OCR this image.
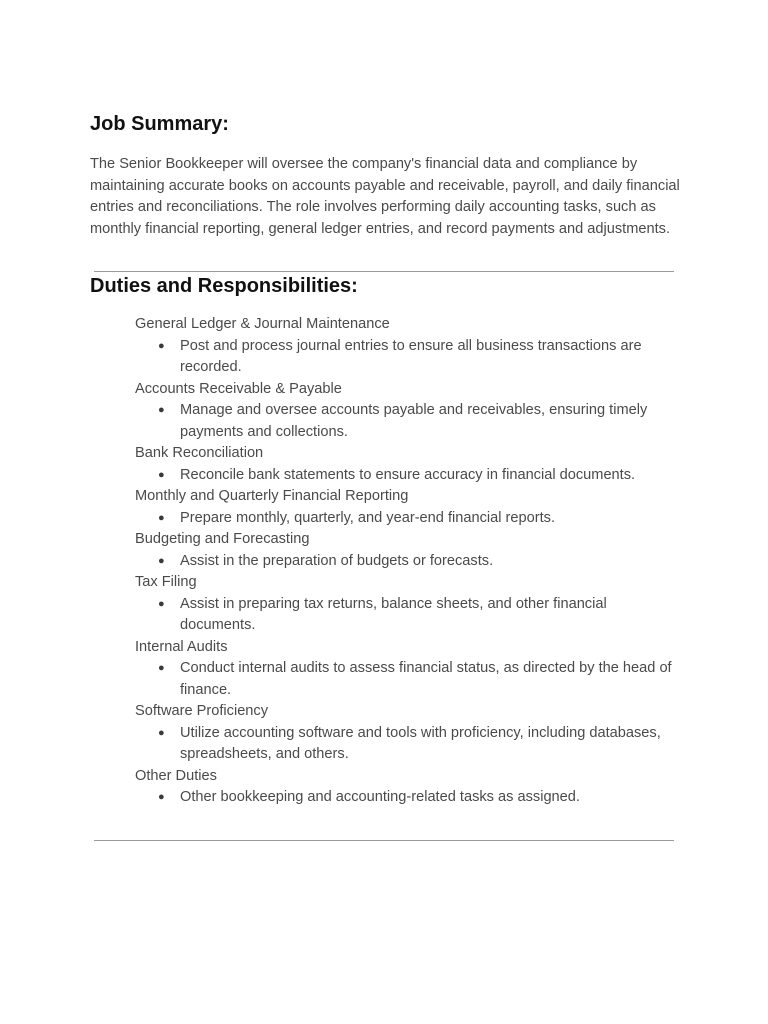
Job Summary:

The Senior Bookkeeper will oversee the company's financial data and compliance by maintaining accurate books on accounts payable and receivable, payroll, and daily financial entries and reconciliations. The role involves performing daily accounting tasks, such as monthly financial reporting, general ledger entries, and record payments and adjustments.

Duties and Responsibilities:
General Ledger & Journal Maintenance
● Post and process journal entries to ensure all business transactions are recorded.
Accounts Receivable & Payable
● Manage and oversee accounts payable and receivables, ensuring timely payments and collections.
Bank Reconciliation
● Reconcile bank statements to ensure accuracy in financial documents.
Monthly and Quarterly Financial Reporting
● Prepare monthly, quarterly, and year-end financial reports.
Budgeting and Forecasting
● Assist in the preparation of budgets or forecasts.
Tax Filing
● Assist in preparing tax returns, balance sheets, and other financial documents.
Internal Audits
● Conduct internal audits to assess financial status, as directed by the head of finance.
Software Proficiency
● Utilize accounting software and tools with proficiency, including databases, spreadsheets, and others.
Other Duties
● Other bookkeeping and accounting-related tasks as assigned.
